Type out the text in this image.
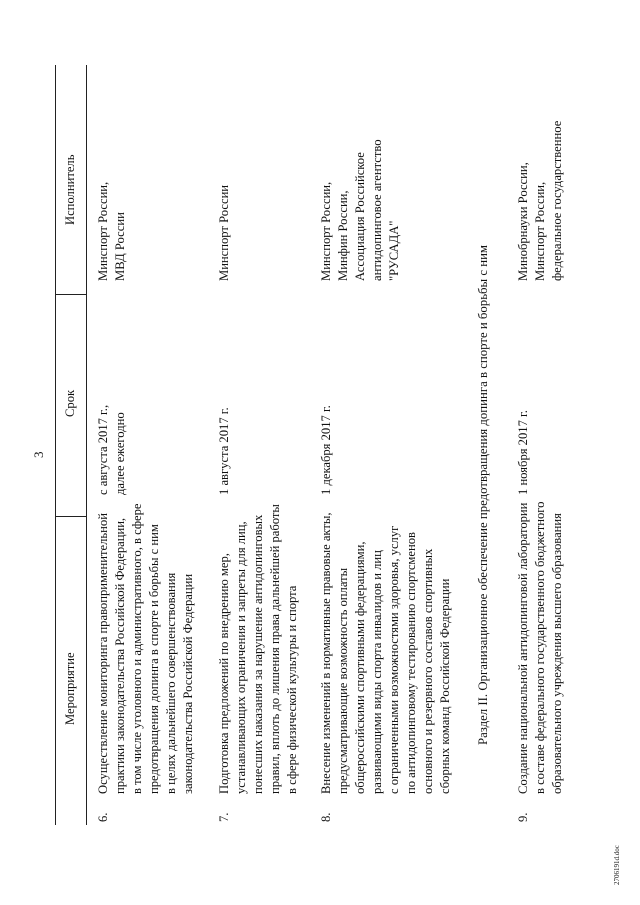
3
Мероприятие
Срок
Исполнитель
6.
Осуществление мониторинга правоприменительной практики законодательства Российской Федерации, в том числе уголовного и административного, в сфере предотвращения допинга в спорте и борьбы с ним в целях дальнейшего совершенствования законодательства Российской Федерации
с августа 2017 г., далее ежегодно
Минспорт России, МВД России
7.
Подготовка предложений по внедрению мер, устанавливающих ограничения и запреты для лиц, понесших наказания за нарушение антидопинговых правил, вплоть до лишения права дальнейшей работы в сфере физической культуры и спорта
1 августа 2017 г.
Минспорт России
8.
Внесение изменений в нормативные правовые акты, предусматривающие возможность оплаты общероссийскими спортивными федерациями, развивающими виды спорта инвалидов и лиц с ограниченными возможностями здоровья, услуг по антидопинговому тестированию спортсменов основного и резервного составов спортивных сборных команд Российской Федерации
1 декабря 2017 г.
Минспорт России, Минфин России, Ассоциация Российское антидопинговое агентство "РУСАДА"	Раздел II. Организационное обеспечение предотвращения допинга в спорте и борьбы с ним
9.
Создание национальной антидопинговой лаборатории в составе федерального государственного бюджетного образовательного учреждения высшего образования
1 ноября 2017 г.
Минобрнауки России, Минспорт России, федеральное государственное
2706191d.doc
